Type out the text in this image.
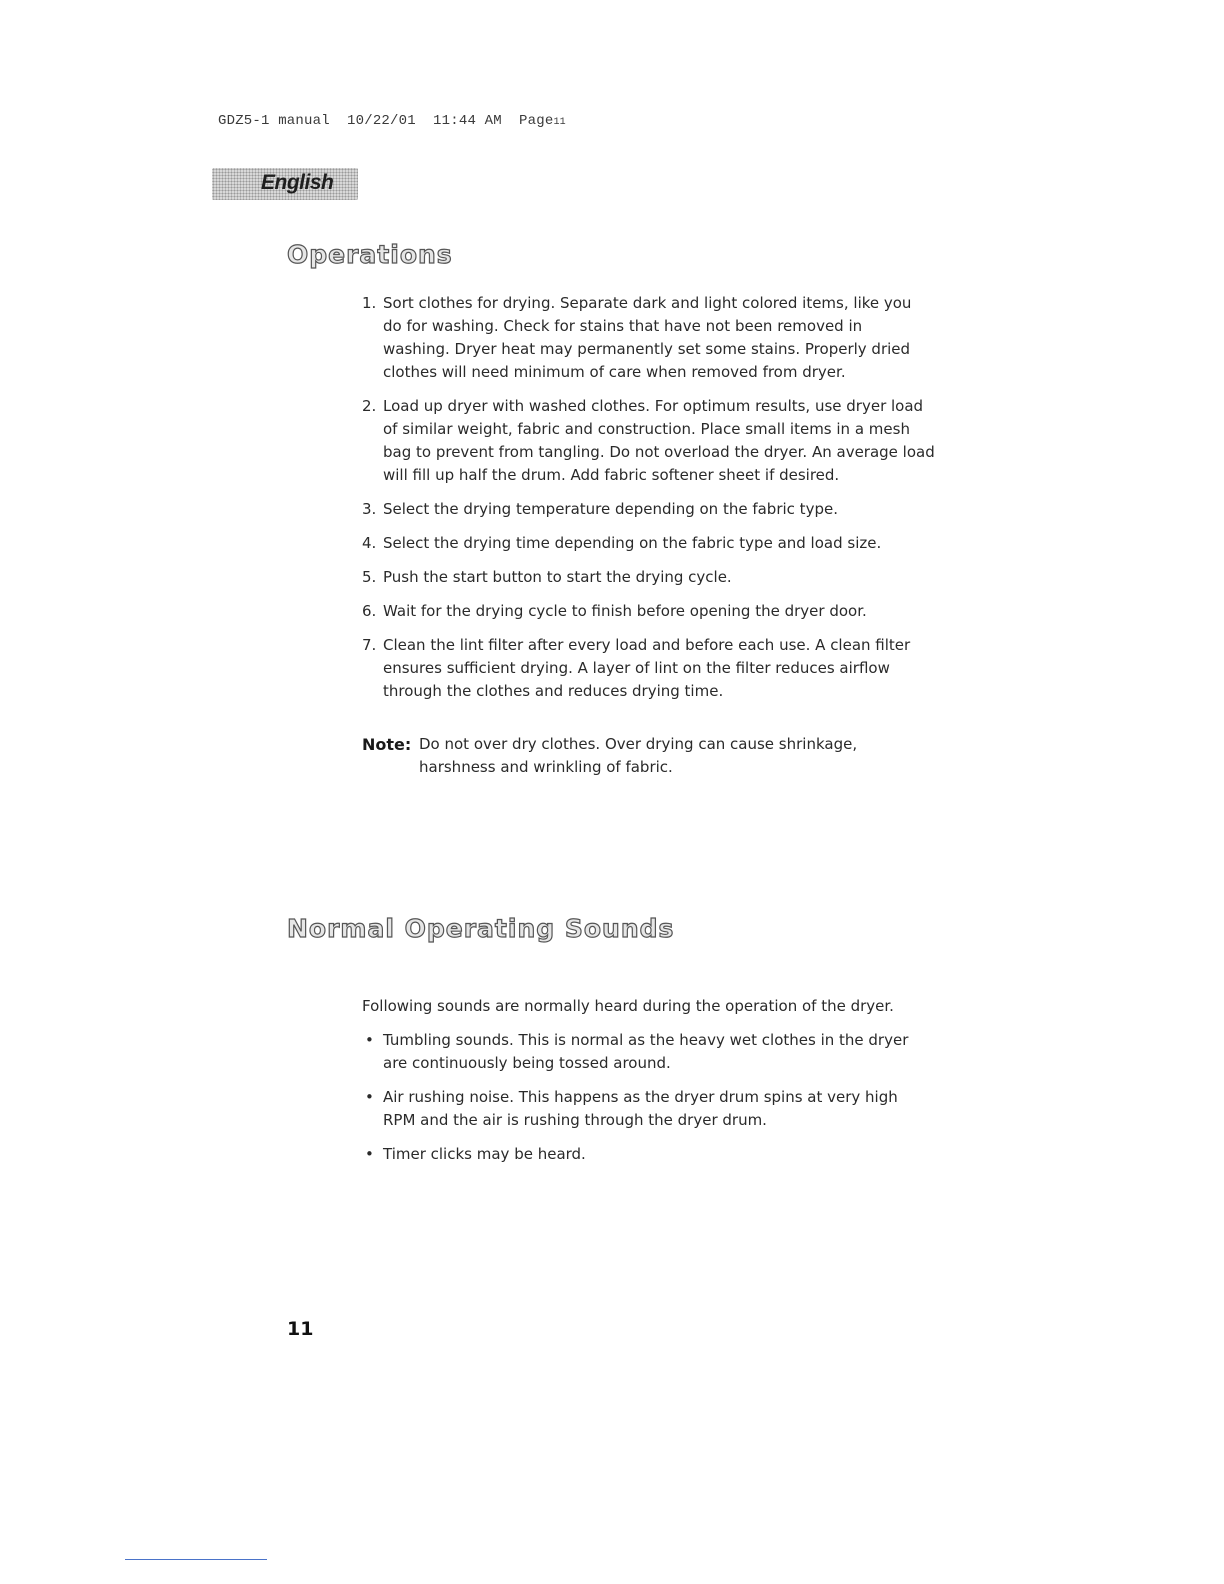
GDZ5-1 manual  10/22/01  11:44 AM  Page11
English
Operations
1. Sort clothes for drying. Separate dark and light colored items, like you do for washing. Check for stains that have not been removed in washing. Dryer heat may permanently set some stains. Properly dried clothes will need minimum of care when removed from dryer.
2. Load up dryer with washed clothes. For optimum results, use dryer load of similar weight, fabric and construction. Place small items in a mesh bag to prevent from tangling. Do not overload the dryer. An average load will fill up half the drum. Add fabric softener sheet if desired.
3. Select the drying temperature depending on the fabric type.
4. Select the drying time depending on the fabric type and load size.
5. Push the start button to start the drying cycle.
6. Wait for the drying cycle to finish before opening the dryer door.
7. Clean the lint filter after every load and before each use. A clean filter ensures sufficient drying. A layer of lint on the filter reduces airflow through the clothes and reduces drying time.
Note: Do not over dry clothes. Over drying can cause shrinkage, harshness and wrinkling of fabric.
Normal Operating Sounds

Following sounds are normally heard during the operation of the dryer.

• Tumbling sounds. This is normal as the heavy wet clothes in the dryer are continuously being tossed around.
• Air rushing noise. This happens as the dryer drum spins at very high RPM and the air is rushing through the dryer drum.
• Timer clicks may be heard.
11
